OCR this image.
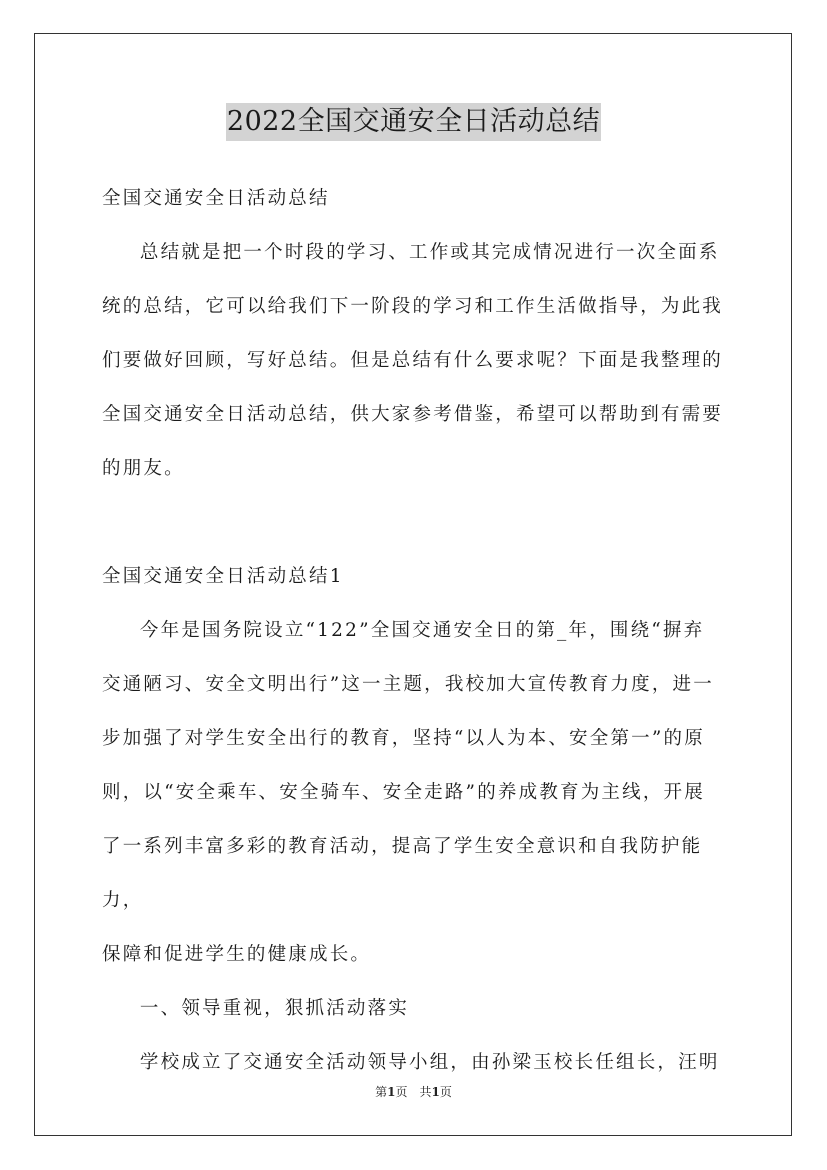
2022全国交通安全日活动总结

全国交通安全日活动总结

总结就是把一个时段的学习、工作或其完成情况进行一次全面系

统的总结，它可以给我们下一阶段的学习和工作生活做指导，为此我

们要做好回顾，写好总结。但是总结有什么要求呢？下面是我整理的

全国交通安全日活动总结，供大家参考借鉴，希望可以帮助到有需要

的朋友。

全国交通安全日活动总结1

今年是国务院设立“122”全国交通安全日的第_年，围绕“摒弃

交通陋习、安全文明出行”这一主题，我校加大宣传教育力度，进一

步加强了对学生安全出行的教育，坚持“以人为本、安全第一”的原

则，以“安全乘车、安全骑车、安全走路”的养成教育为主线，开展

了一系列丰富多彩的教育活动，提高了学生安全意识和自我防护能力，

保障和促进学生的健康成长。

一、领导重视，狠抓活动落实

学校成立了交通安全活动领导小组，由孙梁玉校长任组长，汪明

第1页　共1页
